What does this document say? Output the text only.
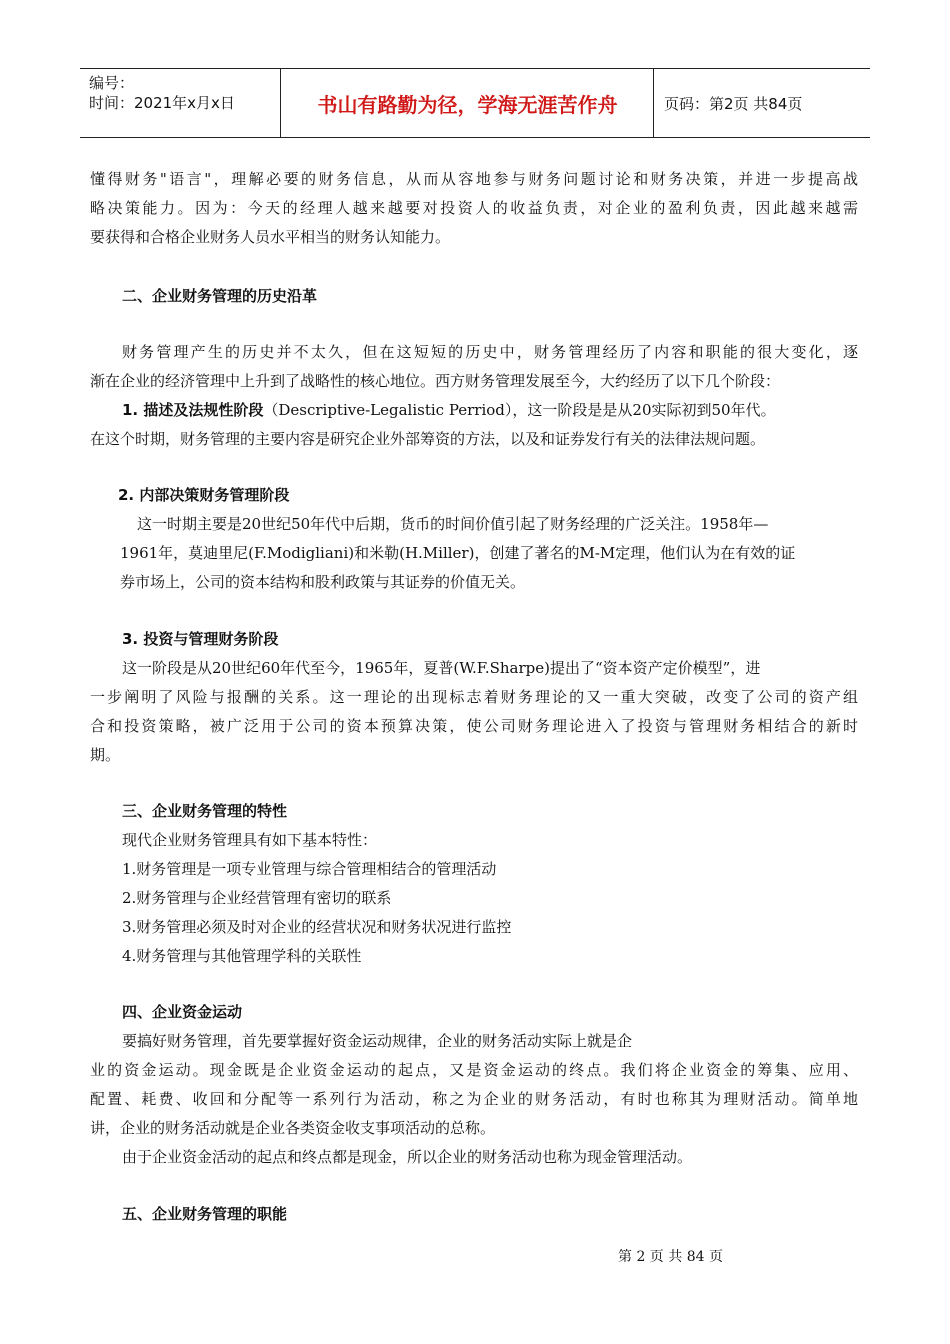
编号：
时间：2021年x月x日	书山有路勤为径，学海无涯苦作舟	页码：第2页 共84页
懂得财务"语言"，理解必要的财务信息，从而从容地参与财务问题讨论和财务决策，并进一步提高战
略决策能力。因为：今天的经理人越来越要对投资人的收益负责，对企业的盈利负责，因此越来越需
要获得和合格企业财务人员水平相当的财务认知能力。
二、企业财务管理的历史沿革
财务管理产生的历史并不太久，但在这短短的历史中，财务管理经历了内容和职能的很大变化，逐
渐在企业的经济管理中上升到了战略性的核心地位。西方财务管理发展至今，大约经历了以下几个阶段：
1. 描述及法规性阶段（Descriptive-Legalistic Perriod），这一阶段是是从20实际初到50年代。
在这个时期，财务管理的主要内容是研究企业外部筹资的方法，以及和证券发行有关的法律法规问题。
2. 内部决策财务管理阶段
这一时期主要是20世纪50年代中后期，货币的时间价值引起了财务经理的广泛关注。1958年—
1961年，莫迪里尼(F.Modigliani)和米勒(H.Miller)，创建了著名的M-M定理，他们认为在有效的证
券市场上，公司的资本结构和股利政策与其证券的价值无关。
3. 投资与管理财务阶段
这一阶段是从20世纪60年代至今，1965年，夏普(W.F.Sharpe)提出了“资本资产定价模型”，进
一步阐明了风险与报酬的关系。这一理论的出现标志着财务理论的又一重大突破，改变了公司的资产组
合和投资策略，被广泛用于公司的资本预算决策，使公司财务理论进入了投资与管理财务相结合的新时
期。
三、企业财务管理的特性
现代企业财务管理具有如下基本特性：
1.财务管理是一项专业管理与综合管理相结合的管理活动
2.财务管理与企业经营管理有密切的联系
3.财务管理必须及时对企业的经营状况和财务状况进行监控
4.财务管理与其他管理学科的关联性
四、企业资金运动
要搞好财务管理，首先要掌握好资金运动规律，企业的财务活动实际上就是企
业的资金运动。现金既是企业资金运动的起点，又是资金运动的终点。我们将企业资金的筹集、应用、
配置、耗费、收回和分配等一系列行为活动，称之为企业的财务活动，有时也称其为理财活动。简单地
讲，企业的财务活动就是企业各类资金收支事项活动的总称。
由于企业资金活动的起点和终点都是现金，所以企业的财务活动也称为现金管理活动。
五、企业财务管理的职能
第 2 页 共 84 页
